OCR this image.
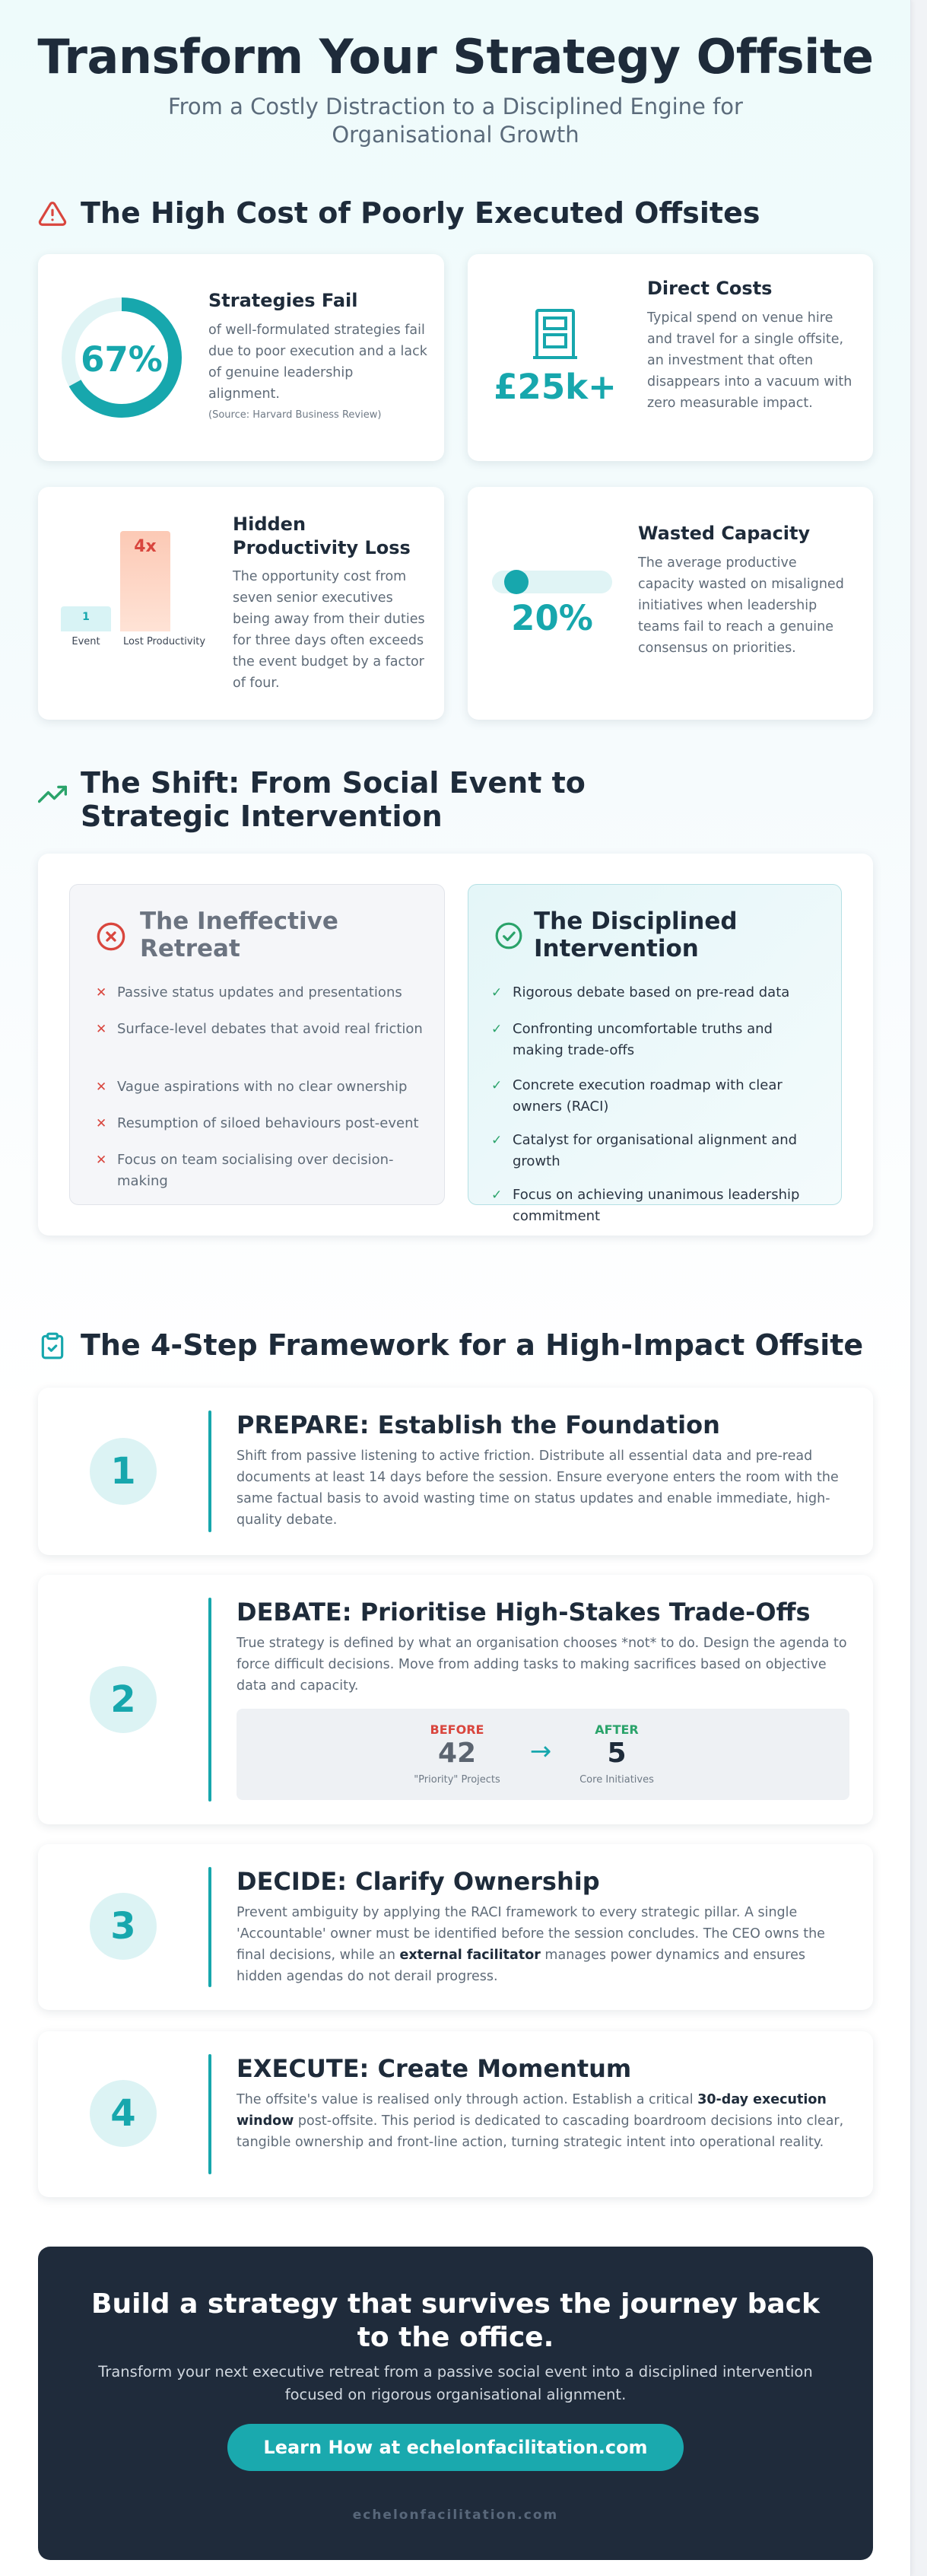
Transform Your Strategy Offsite
From a Costly Distraction to a Disciplined Engine for Organisational Growth
The High Cost of Poorly Executed Offsites
67%
Strategies Fail
of well-formulated strategies fail due to poor execution and a lack of genuine leadership alignment.
(Source: Harvard Business Review)
£25k+
Direct Costs
Typical spend on venue hire and travel for a single offsite, an investment that often disappears into a vacuum with zero measurable impact.
1
4x
Event	Lost Productivity
Hidden Productivity Loss
The opportunity cost from seven senior executives being away from their duties for three days often exceeds the event budget by a factor of four.
20%
Wasted Capacity
The average productive capacity wasted on misaligned initiatives when leadership teams fail to reach a genuine consensus on priorities.
The Shift: From Social Event to Strategic Intervention
The Ineffective Retreat
✕ Passive status updates and presentations
✕ Surface-level debates that avoid real friction
✕ Vague aspirations with no clear ownership
✕ Resumption of siloed behaviours post-event
✕ Focus on team socialising over decision-making
The Disciplined Intervention
✓ Rigorous debate based on pre-read data
✓ Confronting uncomfortable truths and making trade-offs
✓ Concrete execution roadmap with clear owners (RACI)
✓ Catalyst for organisational alignment and growth
✓ Focus on achieving unanimous leadership commitment
The 4-Step Framework for a High-Impact Offsite
1
PREPARE: Establish the Foundation
Shift from passive listening to active friction. Distribute all essential data and pre-read documents at least 14 days before the session. Ensure everyone enters the room with the same factual basis to avoid wasting time on status updates and enable immediate, high-quality debate.
2
DEBATE: Prioritise High-Stakes Trade-Offs
True strategy is defined by what an organisation chooses *not* to do. Design the agenda to force difficult decisions. Move from adding tasks to making sacrifices based on objective data and capacity.
BEFORE
42
"Priority" Projects
→
AFTER
5
Core Initiatives
3
DECIDE: Clarify Ownership
Prevent ambiguity by applying the RACI framework to every strategic pillar. A single 'Accountable' owner must be identified before the session concludes. The CEO owns the final decisions, while an external facilitator manages power dynamics and ensures hidden agendas do not derail progress.
4
EXECUTE: Create Momentum
The offsite's value is realised only through action. Establish a critical 30-day execution window post-offsite. This period is dedicated to cascading boardroom decisions into clear, tangible ownership and front-line action, turning strategic intent into operational reality.
Build a strategy that survives the journey back to the office.
Transform your next executive retreat from a passive social event into a disciplined intervention focused on rigorous organisational alignment.
Learn How at echelonfacilitation.com
echelonfacilitation.com
